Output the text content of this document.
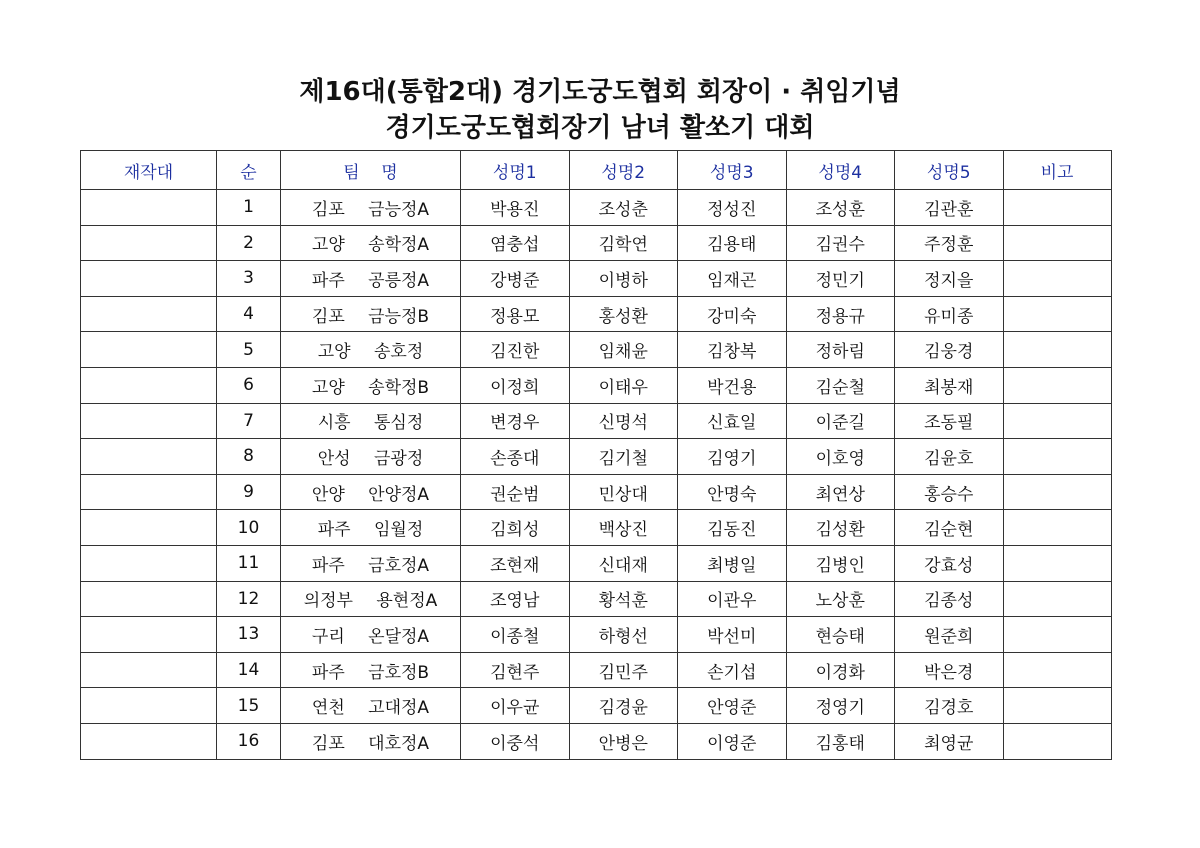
제16대(통합2대) 경기도궁도협회 회장이 · 취임기념
경기도궁도협회장기 남녀 활쏘기 대회
재작대	순	팀    명	성명1	성명2	성명3	성명4	성명5	비고
	1	김포 금능정A	박용진	조성춘	정성진	조성훈	김관훈	
	2	고양 송학정A	염충섭	김학연	김용태	김권수	주정훈	
	3	파주 공릉정A	강병준	이병하	임재곤	정민기	정지을	
	4	김포 금능정B	정용모	홍성환	강미숙	정용규	유미종	
	5	고양 송호정	김진한	임채윤	김창복	정하림	김웅경	
	6	고양 송학정B	이정희	이태우	박건용	김순철	최봉재	
	7	시흥 통심정	변경우	신명석	신효일	이준길	조동필	
	8	안성 금광정	손종대	김기철	김영기	이호영	김윤호	
	9	안양 안양정A	권순범	민상대	안명숙	최연상	홍승수	
	10	파주 임월정	김희성	백상진	김동진	김성환	김순현	
	11	파주 금호정A	조현재	신대재	최병일	김병인	강효성	
	12	의정부 용현정A	조영남	황석훈	이관우	노상훈	김종성	
	13	구리 온달정A	이종철	하형선	박선미	현승태	원준희	
	14	파주 금호정B	김현주	김민주	손기섭	이경화	박은경	
	15	연천 고대정A	이우균	김경윤	안영준	정영기	김경호	
	16	김포 대호정A	이중석	안병은	이영준	김홍태	최영균	
